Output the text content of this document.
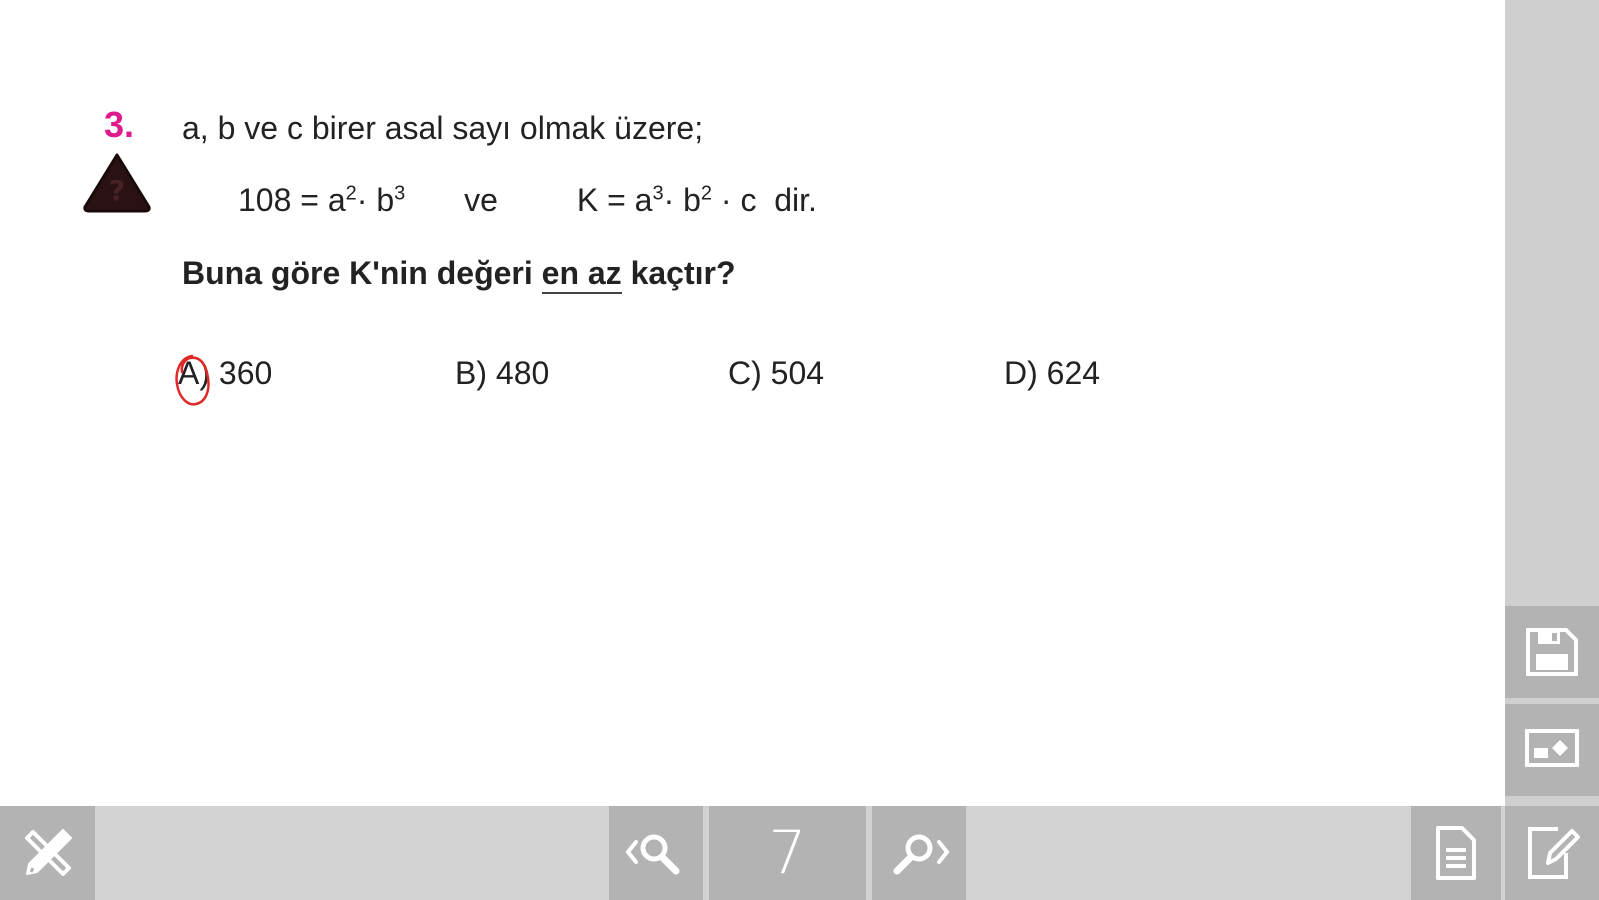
3.
?
a, b ve c birer asal sayı olmak üzere;
$108 = a^2\cdot b^3$ ve $K = a^3\cdot b^2 \cdot c$  dir.
Buna göre K'nin değeri en az kaçtır?
A) 360	B) 480	C) 504	D) 624
7
